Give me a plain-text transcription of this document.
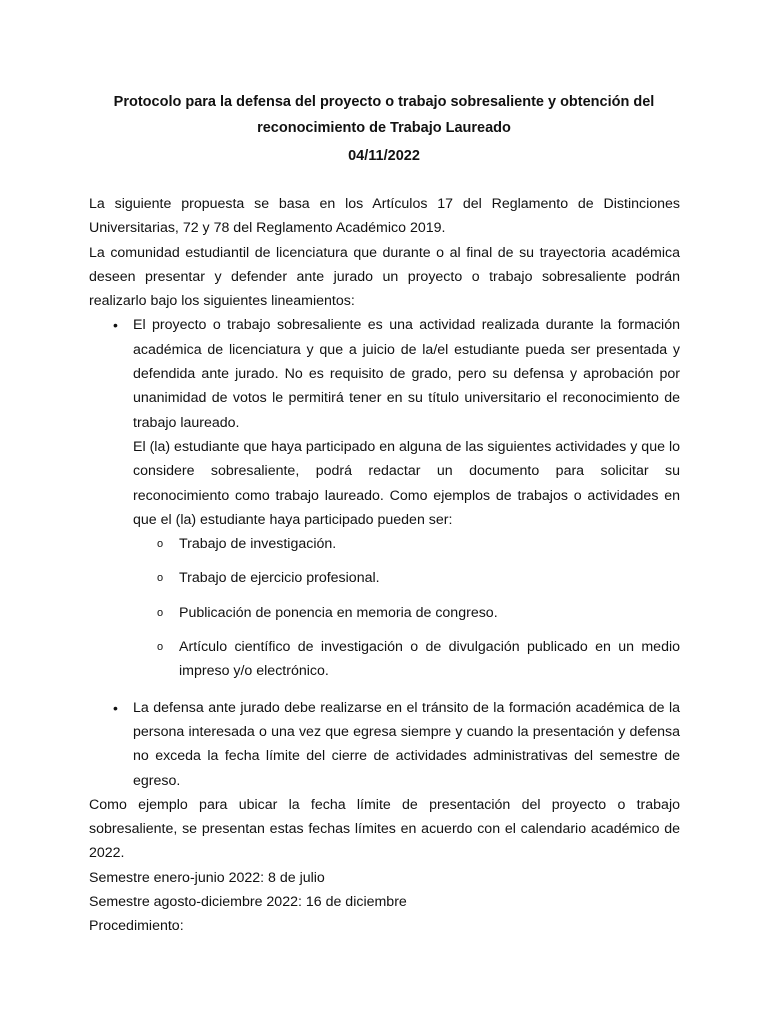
Protocolo para la defensa del proyecto o trabajo sobresaliente y obtención del
reconocimiento de Trabajo Laureado
04/11/2022

La siguiente propuesta se basa en los Artículos 17 del Reglamento de Distinciones Universitarias, 72 y 78 del Reglamento Académico 2019.

La comunidad estudiantil de licenciatura que durante o al final de su trayectoria académica deseen presentar y defender ante jurado un proyecto o trabajo sobresaliente podrán realizarlo bajo los siguientes lineamientos:

• El proyecto o trabajo sobresaliente es una actividad realizada durante la formación académica de licenciatura y que a juicio de la/el estudiante pueda ser presentada y defendida ante jurado. No es requisito de grado, pero su defensa y aprobación por unanimidad de votos le permitirá tener en su título universitario el reconocimiento de trabajo laureado.

El (la) estudiante que haya participado en alguna de las siguientes actividades y que lo considere sobresaliente, podrá redactar un documento para solicitar su reconocimiento como trabajo laureado. Como ejemplos de trabajos o actividades en que el (la) estudiante haya participado pueden ser:

o Trabajo de investigación.

o Trabajo de ejercicio profesional.

o Publicación de ponencia en memoria de congreso.

o Artículo científico de investigación o de divulgación publicado en un medio impreso y/o electrónico.

• La defensa ante jurado debe realizarse en el tránsito de la formación académica de la persona interesada o una vez que egresa siempre y cuando la presentación y defensa no exceda la fecha límite del cierre de actividades administrativas del semestre de egreso.

Como ejemplo para ubicar la fecha límite de presentación del proyecto o trabajo sobresaliente, se presentan estas fechas límites en acuerdo con el calendario académico de 2022.

Semestre enero-junio 2022: 8 de julio

Semestre agosto-diciembre 2022: 16 de diciembre

Procedimiento:
